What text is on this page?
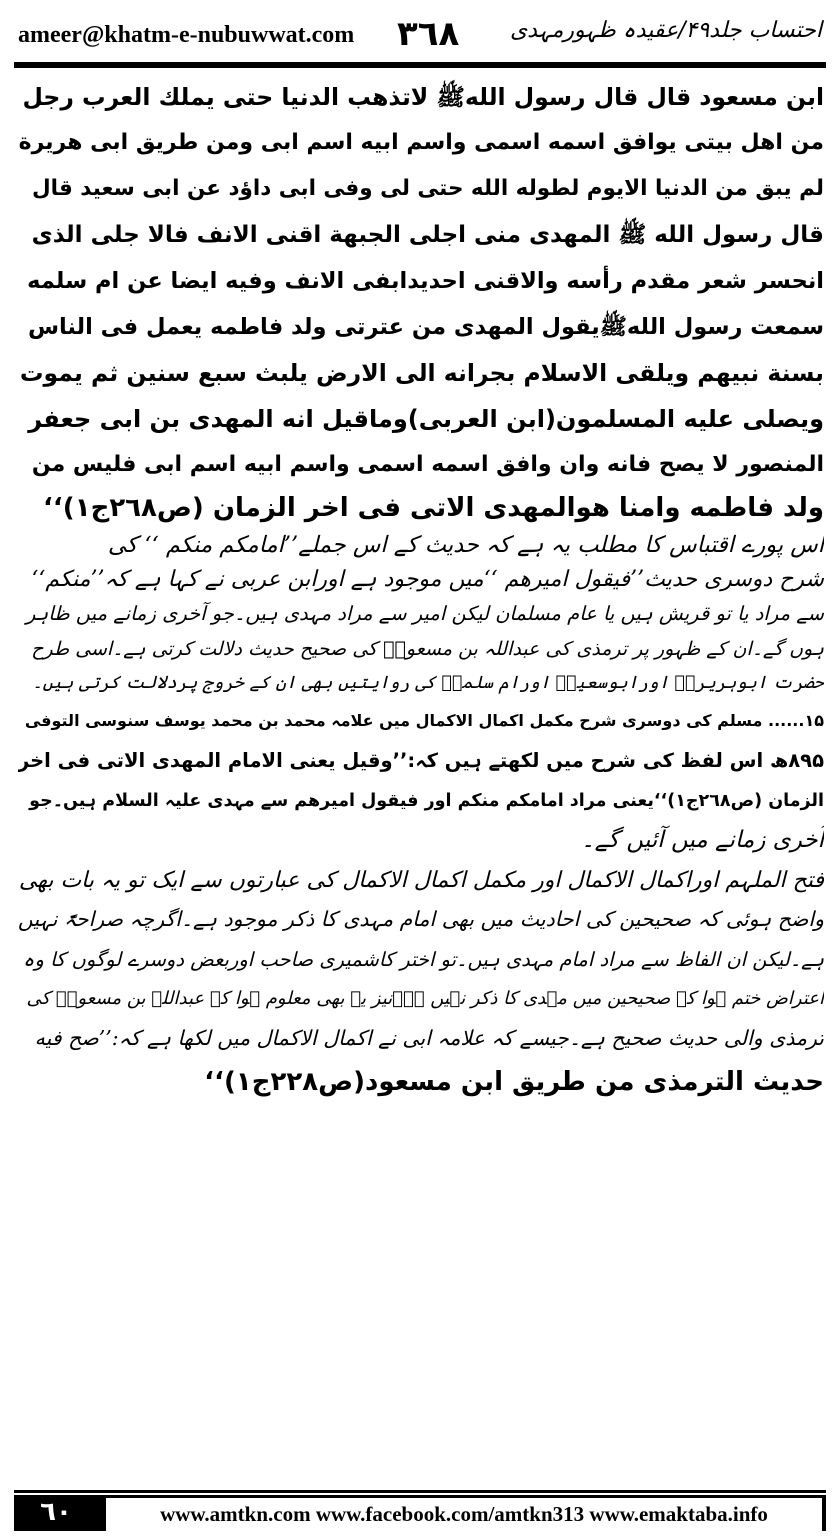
ameer@khatm-e-nubuwwat.com ٣٦٨ احتساب جلد۴۹/عقیدہ ظہورمہدی
ابن مسعود قال قال رسول اللهﷺ لاتذهب الدنيا حتى يملك العرب رجل
من اهل بيتى يوافق اسمه اسمى واسم ابيه اسم ابى ومن طريق ابى هريرة
لم يبق من الدنيا الايوم لطوله الله حتى لى وفى ابى داؤد عن ابى سعيد قال
قال رسول الله ﷺ المهدى منى اجلى الجبهة اقنى الانف فالا جلى الذى
انحسر شعر مقدم رأسه والاقنى احديدابفى الانف وفيه ايضا عن ام سلمه
سمعت رسول اللهﷺيقول المهدى من عترتى ولد فاطمه يعمل فى الناس
بسنة نبيهم ويلقى الاسلام بجرانه الى الارض يلبث سبع سنين ثم يموت
ويصلى عليه المسلمون(ابن العربى)وماقيل انه المهدى بن ابى جعفر
المنصور لا يصح فانه وان وافق اسمه اسمى واسم ابيه اسم ابى فليس من
ولد فاطمه وامنا هوالمهدى الاتى فى اخر الزمان (ص٢٦٨ج١)‘‘
اس پورے اقتباس کا مطلب یہ ہے کہ حدیث کے اس جملے’’امامکم منکم ‘‘ کی
شرح دوسری حدیث’’فیقول امیرھم ‘‘میں موجود ہے اورابن عربی نے کہا ہے کہ’’منکم‘‘
سے مراد یا تو قریش ہیں یا عام مسلمان لیکن امیر سے مراد مہدی ہیں۔جو آخری زمانے میں ظاہر
ہوں گے۔ان کے ظہور پر ترمذی کی عبداللہ بن مسعودؓ کی صحیح حدیث دلالت کرتی ہے۔اسی طرح
حضرت ابوہریرہؓ اورابوسعیدؓ اورام سلمہؓ کی روایتیں بھی ان کے خروج پردلالت کرتی ہیں۔
۱۵...... مسلم کی دوسری شرح مکمل اکمال الاکمال میں علامہ محمد بن محمد یوسف سنوسی التوفی
۸۹۵ھ اس لفظ کی شرح میں لکھتے ہیں کہ:’’وقیل یعنی الامام المهدى الاتى فى اخر
الزمان (ص٢٦٨ج١)‘‘یعنی مراد امامکم منکم اور فیقول امیرھم سے مہدی علیہ السلام ہیں۔جو
آخری زمانے میں آئیں گے۔
فتح الملہم اوراکمال الاکمال اور مکمل اکمال الاکمال کی عبارتوں سے ایک تو یہ بات بھی
واضح ہوئی کہ صحیحین کی احادیث میں بھی امام مہدی کا ذکر موجود ہے۔اگرچہ صراحۃً نہیں
ہے۔لیکن ان الفاظ سے مراد امام مہدی ہیں۔تو اختر کاشمیری صاحب اوربعض دوسرے لوگوں کا وہ
اعتراض ختم ہوا کہ صحیحین میں مہدی کا ذکر نہیں ہے۔نیز یہ بھی معلوم ہوا کہ عبداللہ بن مسعودؓ کی
ترمذی والی حدیث صحیح ہے۔جیسے کہ علامہ ابی نے اکمال الاکمال میں لکھا ہے کہ:’’صح فیه
حديث الترمذى من طريق ابن مسعود(ص٢٢٨ج١)‘‘
٦٠	www.amtkn.com www.facebook.com/amtkn313 www.emaktaba.info
